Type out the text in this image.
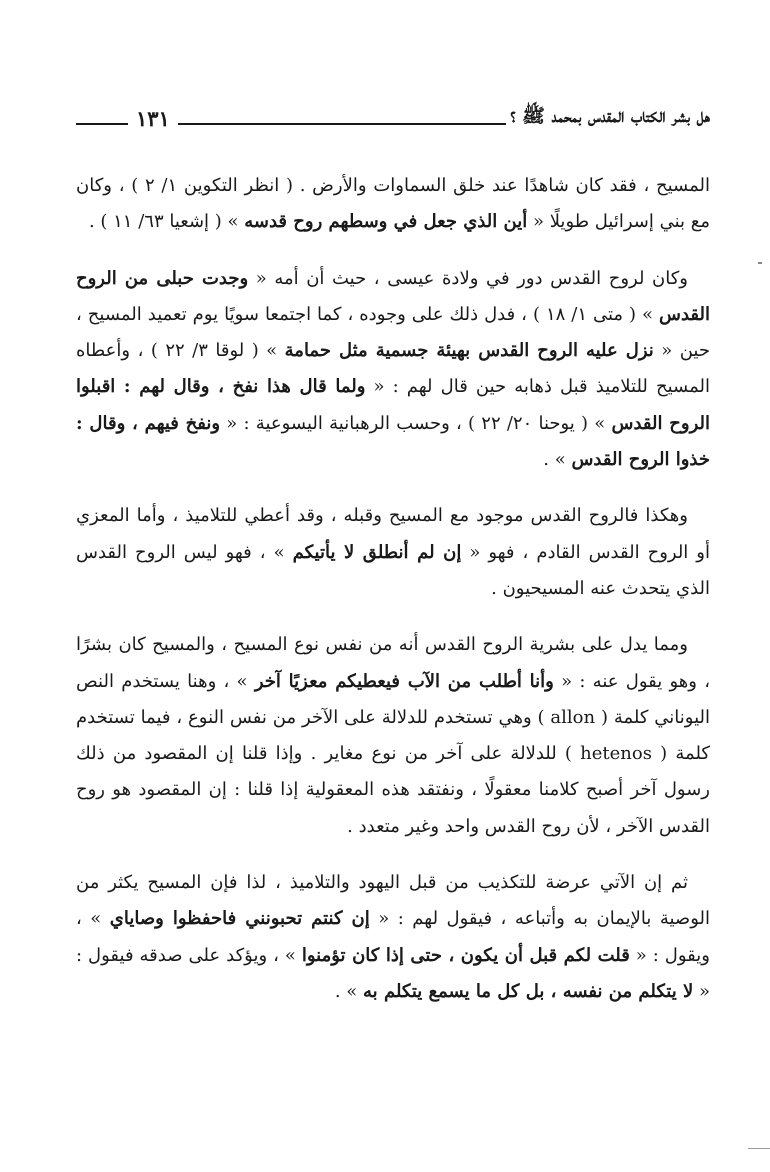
هل بشر الكتاب المقدس بمحمد ﷺ ؟
١٣١

المسيح ، فقد كان شاهدًا عند خلق السماوات والأرض . ( انظر التكوين ١/ ٢ ) ، وكان مع بني إسرائيل طويلًا « أين الذي جعل في وسطهم روح قدسه » ( إشعيا ٦٣/ ١١ ) .

وكان لروح القدس دور في ولادة عيسى ، حيث أن أمه « وجدت حبلى من الروح القدس » ( متى ١/ ١٨ ) ، فدل ذلك على وجوده ، كما اجتمعا سويًا يوم تعميد المسيح ، حين « نزل عليه الروح القدس بهيئة جسمية مثل حمامة » ( لوقا ٣/ ٢٢ ) ، وأعطاه المسيح للتلاميذ قبل ذهابه حين قال لهم : « ولما قال هذا نفخ ، وقال لهم : اقبلوا الروح القدس » ( يوحنا ٢٠/ ٢٢ ) ، وحسب الرهبانية اليسوعية : « ونفخ فيهم ، وقال : خذوا الروح القدس » .

وهكذا فالروح القدس موجود مع المسيح وقبله ، وقد أعطي للتلاميذ ، وأما المعزي أو الروح القدس القادم ، فهو « إن لم أنطلق لا يأتيكم » ، فهو ليس الروح القدس الذي يتحدث عنه المسيحيون .

ومما يدل على بشرية الروح القدس أنه من نفس نوع المسيح ، والمسيح كان بشرًا ، وهو يقول عنه : « وأنا أطلب من الآب فيعطيكم معزيًا آخر » ، وهنا يستخدم النص اليوناني كلمة ( allon ) وهي تستخدم للدلالة على الآخر من نفس النوع ، فيما تستخدم كلمة ( hetenos ) للدلالة على آخر من نوع مغاير . وإذا قلنا إن المقصود من ذلك رسول آخر أصبح كلامنا معقولًا ، ونفتقد هذه المعقولية إذا قلنا : إن المقصود هو روح القدس الآخر ، لأن روح القدس واحد وغير متعدد .

ثم إن الآتي عرضة للتكذيب من قبل اليهود والتلاميذ ، لذا فإن المسيح يكثر من الوصية بالإيمان به وأتباعه ، فيقول لهم : « إن كنتم تحبونني فاحفظوا وصاياي » ، ويقول : « قلت لكم قبل أن يكون ، حتى إذا كان تؤمنوا » ، ويؤكد على صدقه فيقول : « لا يتكلم من نفسه ، بل كل ما يسمع يتكلم به » .
